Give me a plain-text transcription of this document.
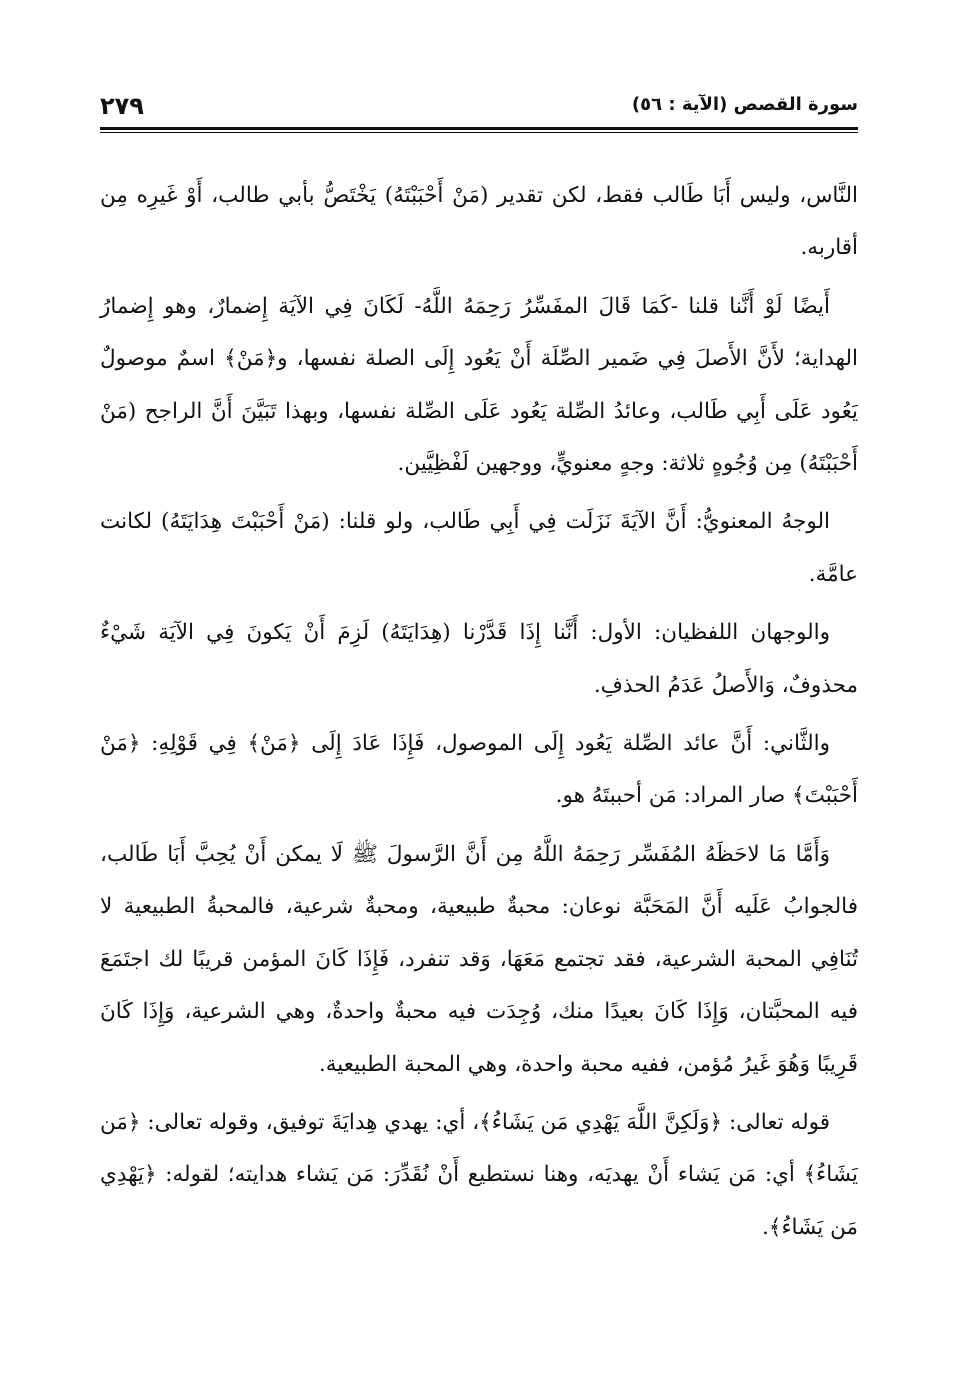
٢٧٩	سورة القصص (الآية : ٥٦)

النَّاس، وليس أَبَا طَالب فقط، لكن تقدير (مَنْ أَحْبَبْتَهُ) يَخْتَصُّ بأبي طالب، أَوْ غَيرِه مِن أقاربه.

أَيضًا لَوْ أَنَّنا قلنا -كَمَا قَالَ المفَسِّرُ رَحِمَهُ اللَّهُ- لَكَانَ فِي الآيَة إِضمارٌ، وهو إِضمارُ الهداية؛ لأَنَّ الأَصلَ فِي ضَمير الصِّلَة أَنْ يَعُود إِلَى الصلة نفسها، و﴿مَنْ﴾ اسمٌ موصولٌ يَعُود عَلَى أَبِي طَالب، وعائدُ الصِّلة يَعُود عَلَى الصِّلة نفسها، وبهذا تَبَيَّنَ أَنَّ الراجح (مَنْ أَحْبَبْتَهُ) مِن وُجُوهٍ ثلاثة: وجهٍ معنويٍّ، ووجهين لَفْظِيَّين.

الوجهُ المعنويُّ: أَنَّ الآيَةَ نَزَلَت فِي أَبِي طَالب، ولو قلنا: (مَنْ أَحْبَبْتَ هِدَايَتَهُ) لكانت عامَّة.

والوجهان اللفظيان: الأول: أَنَّنا إِذَا قَدَّرْنا (هِدَايَتَهُ) لَزِمَ أَنْ يَكونَ فِي الآيَة شَيْءٌ محذوفٌ، وَالأَصلُ عَدَمُ الحذفِ.

والثَّاني: أَنَّ عائد الصِّلة يَعُود إِلَى الموصول، فَإِذَا عَادَ إِلَى ﴿مَنْ﴾ فِي قَوْلِهِ: ﴿مَنْ أَحْبَبْتَ﴾ صار المراد: مَن أحببتَهُ هو.

وَأَمَّا مَا لاحَظَهُ المُفَسِّر رَحِمَهُ اللَّهُ مِن أَنَّ الرَّسولَ ﷺ لَا يمكن أَنْ يُحِبَّ أَبَا طَالب، فالجوابُ عَلَيه أَنَّ المَحَبَّة نوعان: محبةٌ طبيعية، ومحبةٌ شرعية، فالمحبةُ الطبيعية لا تُنَافِي المحبة الشرعية، فقد تجتمع مَعَهَا، وَقد تنفرد، فَإِذَا كَانَ المؤمن قريبًا لك اجتَمَعَ فيه المحبَّتان، وَإِذَا كَانَ بعيدًا منك، وُجِدَت فيه محبةٌ واحدةٌ، وهي الشرعية، وَإِذَا كَانَ قَرِيبًا وَهُوَ غَيرُ مُؤمن، ففيه محبة واحدة، وهي المحبة الطبيعية.

قوله تعالى: ﴿وَلَكِنَّ اللَّهَ يَهْدِي مَن يَشَاءُ﴾، أي: يهدي هِدايَةَ توفيق، وقوله تعالى: ﴿مَن يَشَاءُ﴾ أي: مَن يَشاء أَنْ يهديَه، وهنا نستطيع أَنْ نُقَدِّرَ: مَن يَشاء هدايته؛ لقوله: ﴿يَهْدِي مَن يَشَاءُ﴾.
